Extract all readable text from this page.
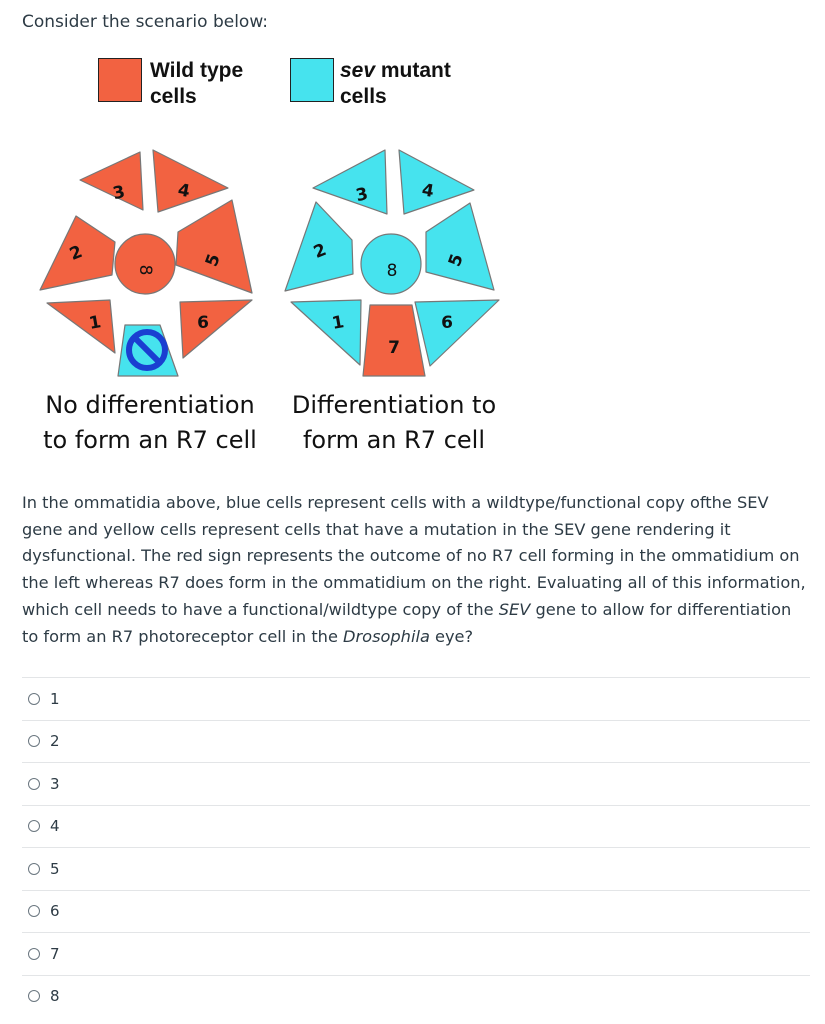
Consider the scenario below:
Wild type
cells
sev mutant
cells
3	4
2	5
1	6
8
3	4
2	5
1	6
7
8
No differentiation
to form an R7 cell
Differentiation to
form an R7 cell
In the ommatidia above, blue cells represent cells with a wildtype/functional copy ofthe SEV gene and yellow cells represent cells that have a mutation in the SEV gene rendering it dysfunctional. The red sign represents the outcome of no R7 cell forming in the ommatidium on the left whereas R7 does form in the ommatidium on the right. Evaluating all of this information, which cell needs to have a functional/wildtype copy of the SEV gene to allow for differentiation to form an R7 photoreceptor cell in the Drosophila eye?
1
2
3
4
5
6
7
8
